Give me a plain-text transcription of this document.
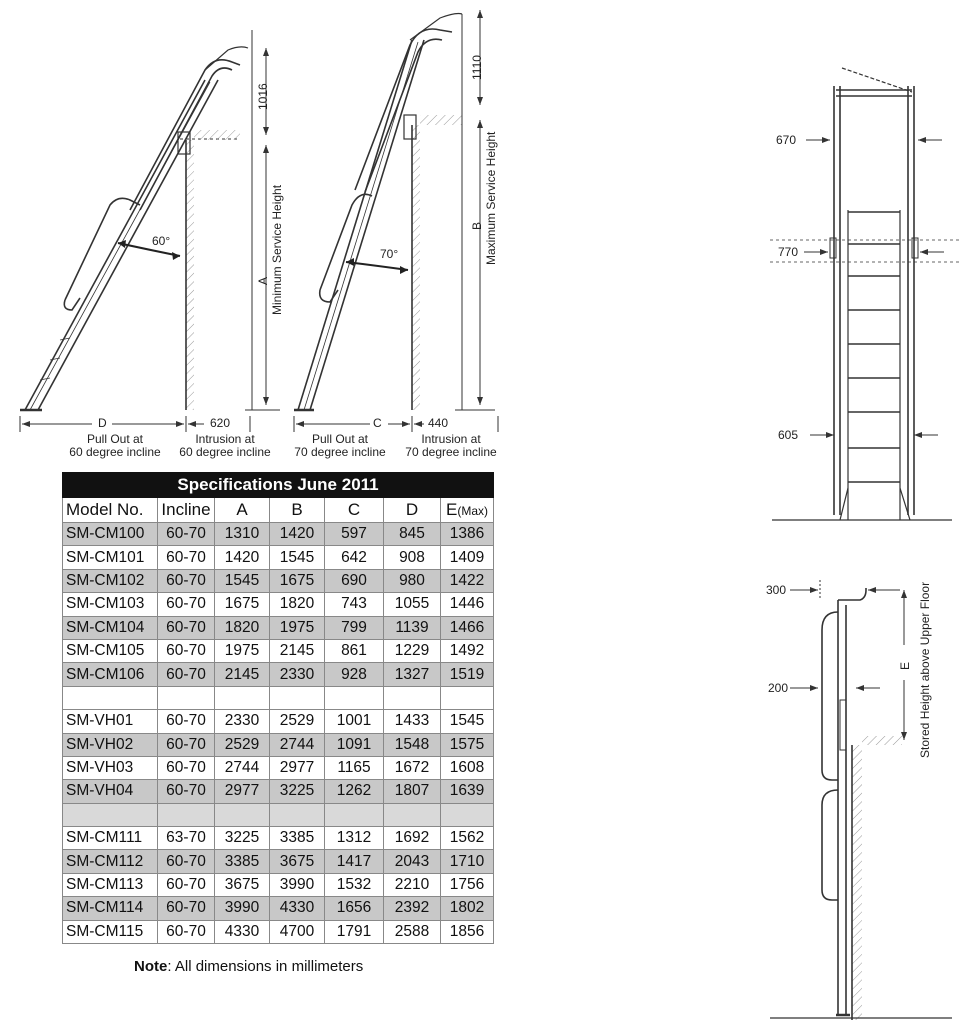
1016
A Minimum Service Height
60°
D	620
Pull Out at
60 degree incline
Intrusion at
60 degree incline
1110
B Maximum Service Height
70°
C	440
Pull Out at
70 degree incline
Intrusion at
70 degree incline
670
770
605
300
200
E Stored Height above Upper Floor
Specifications June 2011						
Model No.	Incline	A	B	C	D	E(Max)
SM-CM100	60-70	1310	1420	597	845	1386
SM-CM101	60-70	1420	1545	642	908	1409
SM-CM102	60-70	1545	1675	690	980	1422
SM-CM103	60-70	1675	1820	743	1055	1446
SM-CM104	60-70	1820	1975	799	1139	1466
SM-CM105	60-70	1975	2145	861	1229	1492
SM-CM106	60-70	2145	2330	928	1327	1519

SM-VH01	60-70	2330	2529	1001	1433	1545
SM-VH02	60-70	2529	2744	1091	1548	1575
SM-VH03	60-70	2744	2977	1165	1672	1608
SM-VH04	60-70	2977	3225	1262	1807	1639

SM-CM111	63-70	3225	3385	1312	1692	1562
SM-CM112	60-70	3385	3675	1417	2043	1710
SM-CM113	60-70	3675	3990	1532	2210	1756
SM-CM114	60-70	3990	4330	1656	2392	1802
SM-CM115	60-70	4330	4700	1791	2588	1856
Note: All dimensions in millimeters
